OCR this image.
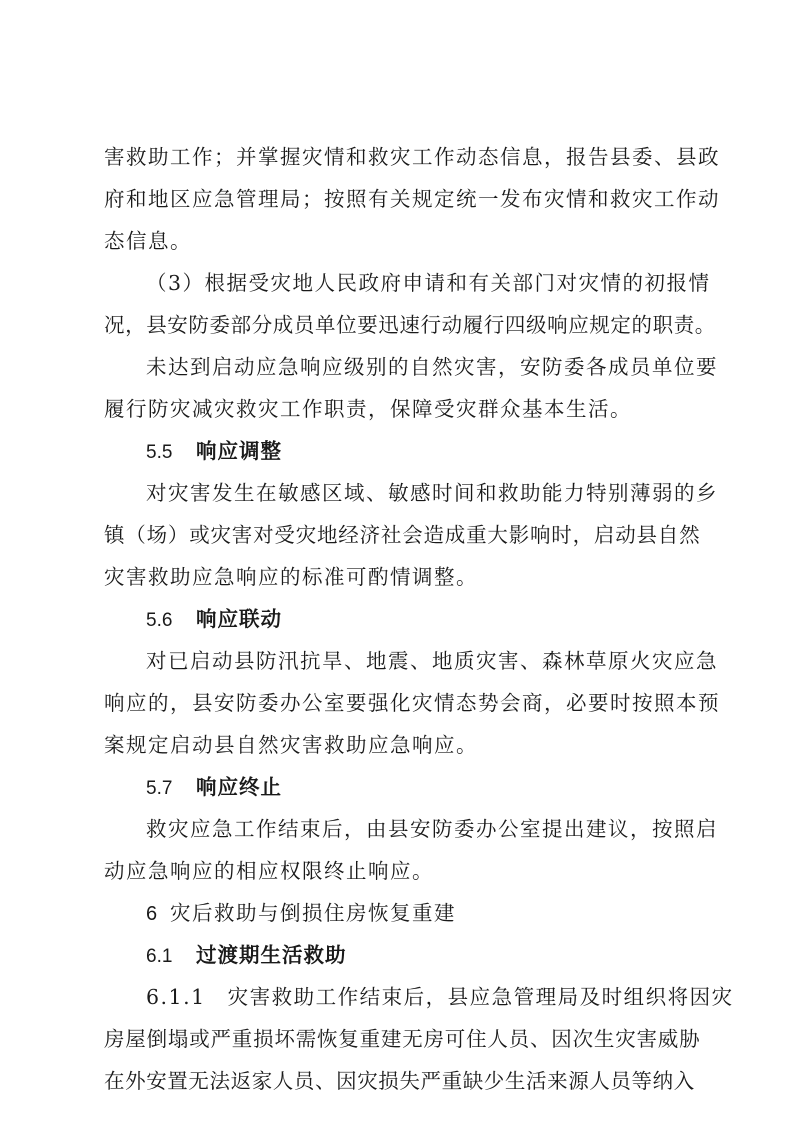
害救助工作；并掌握灾情和救灾工作动态信息，报告县委、县政
府和地区应急管理局；按照有关规定统一发布灾情和救灾工作动
态信息。
（3）根据受灾地人民政府申请和有关部门对灾情的初报情
况，县安防委部分成员单位要迅速行动履行四级响应规定的职责。
未达到启动应急响应级别的自然灾害，安防委各成员单位要
履行防灾减灾救灾工作职责，保障受灾群众基本生活。
5.5 响应调整
对灾害发生在敏感区域、敏感时间和救助能力特别薄弱的乡
镇（场）或灾害对受灾地经济社会造成重大影响时，启动县自然
灾害救助应急响应的标准可酌情调整。
5.6 响应联动
对已启动县防汛抗旱、地震、地质灾害、森林草原火灾应急
响应的，县安防委办公室要强化灾情态势会商，必要时按照本预
案规定启动县自然灾害救助应急响应。
5.7 响应终止
救灾应急工作结束后，由县安防委办公室提出建议，按照启
动应急响应的相应权限终止响应。
6 灾后救助与倒损住房恢复重建
6.1 过渡期生活救助
6.1.1　灾害救助工作结束后，县应急管理局及时组织将因灾
房屋倒塌或严重损坏需恢复重建无房可住人员、因次生灾害威胁
在外安置无法返家人员、因灾损失严重缺少生活来源人员等纳入
